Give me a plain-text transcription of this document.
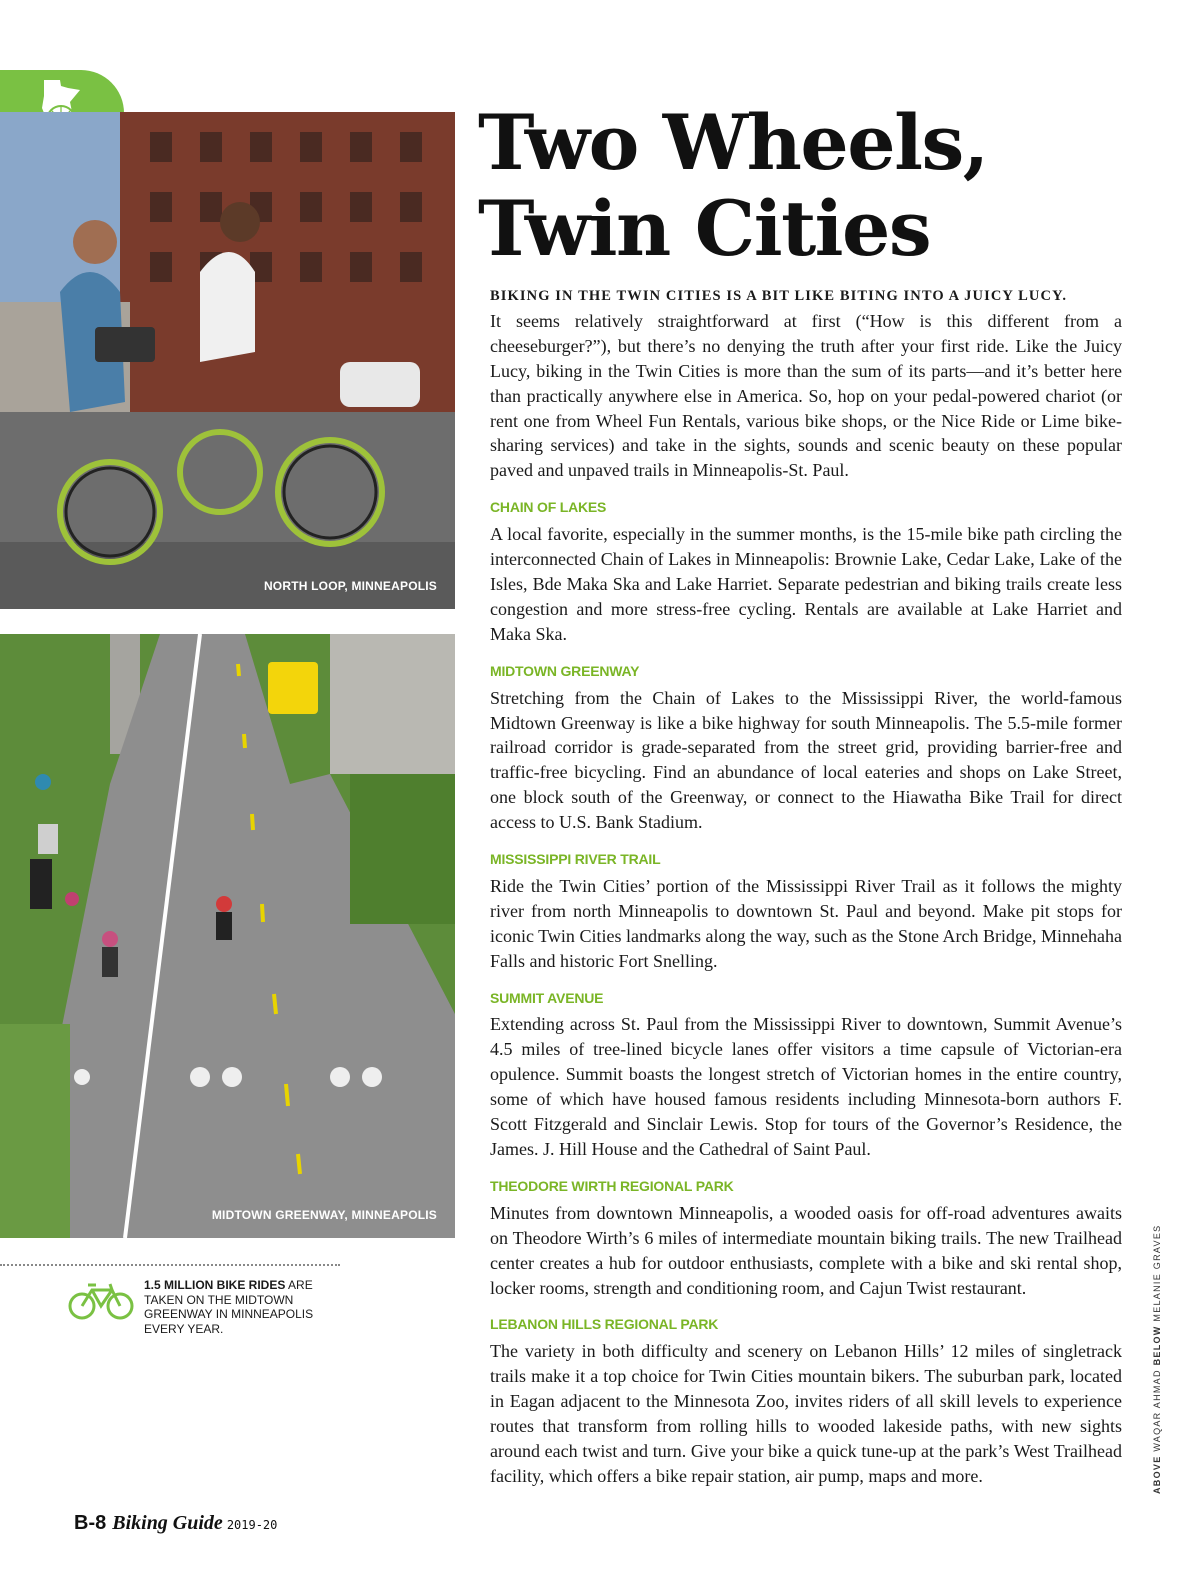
NORTH LOOP, MINNEAPOLIS
MIDTOWN GREENWAY, MINNEAPOLIS
1.5 MILLION BIKE RIDES ARE TAKEN ON THE MIDTOWN GREENWAY IN MINNEAPOLIS EVERY YEAR.
Two Wheels,
Twin Cities

BIKING IN THE TWIN CITIES IS A BIT LIKE BITING INTO A JUICY LUCY.
It seems relatively straightforward at first (“How is this different from a cheeseburger?”), but there’s no denying the truth after your first ride. Like the Juicy Lucy, biking in the Twin Cities is more than the sum of its parts—and it’s better here than practically anywhere else in America. So, hop on your pedal-powered chariot (or rent one from Wheel Fun Rentals, various bike shops, or the Nice Ride or Lime bike-sharing services) and take in the sights, sounds and scenic beauty on these popular paved and unpaved trails in Minneapolis-St. Paul.

CHAIN OF LAKES

A local favorite, especially in the summer months, is the 15-mile bike path circling the interconnected Chain of Lakes in Minneapolis: Brownie Lake, Cedar Lake, Lake of the Isles, Bde Maka Ska and Lake Harriet. Separate pedestrian and biking trails create less congestion and more stress-free cycling. Rentals are available at Lake Harriet and Maka Ska.

MIDTOWN GREENWAY

Stretching from the Chain of Lakes to the Mississippi River, the world-famous Midtown Greenway is like a bike highway for south Minneapolis. The 5.5-mile former railroad corridor is grade-separated from the street grid, providing barrier-free and traffic-free bicycling. Find an abundance of local eateries and shops on Lake Street, one block south of the Greenway, or connect to the Hiawatha Bike Trail for direct access to U.S. Bank Stadium.

MISSISSIPPI RIVER TRAIL

Ride the Twin Cities’ portion of the Mississippi River Trail as it follows the mighty river from north Minneapolis to downtown St. Paul and beyond. Make pit stops for iconic Twin Cities landmarks along the way, such as the Stone Arch Bridge, Minnehaha Falls and historic Fort Snelling.

SUMMIT AVENUE

Extending across St. Paul from the Mississippi River to downtown, Summit Avenue’s 4.5 miles of tree-lined bicycle lanes offer visitors a time capsule of Victorian-era opulence. Summit boasts the longest stretch of Victorian homes in the entire country, some of which have housed famous residents including Minnesota-born authors F. Scott Fitzgerald and Sinclair Lewis. Stop for tours of the Governor’s Residence, the James. J. Hill House and the Cathedral of Saint Paul.

THEODORE WIRTH REGIONAL PARK

Minutes from downtown Minneapolis, a wooded oasis for off-road adventures awaits on Theodore Wirth’s 6 miles of intermediate mountain biking trails. The new Trailhead center creates a hub for outdoor enthusiasts, complete with a bike and ski rental shop, locker rooms, strength and conditioning room, and Cajun Twist restaurant.

LEBANON HILLS REGIONAL PARK

The variety in both difficulty and scenery on Lebanon Hills’ 12 miles of singletrack trails make it a top choice for Twin Cities mountain bikers. The suburban park, located in Eagan adjacent to the Minnesota Zoo, invites riders of all skill levels to experience routes that transform from rolling hills to wooded lakeside paths, with new sights around each twist and turn. Give your bike a quick tune-up at the park’s West Trailhead facility, which offers a bike repair station, air pump, maps and more.	ABOVE WAQAR AHMAD BELOW MELANIE GRAVES
B-8 Biking Guide 2019-20
